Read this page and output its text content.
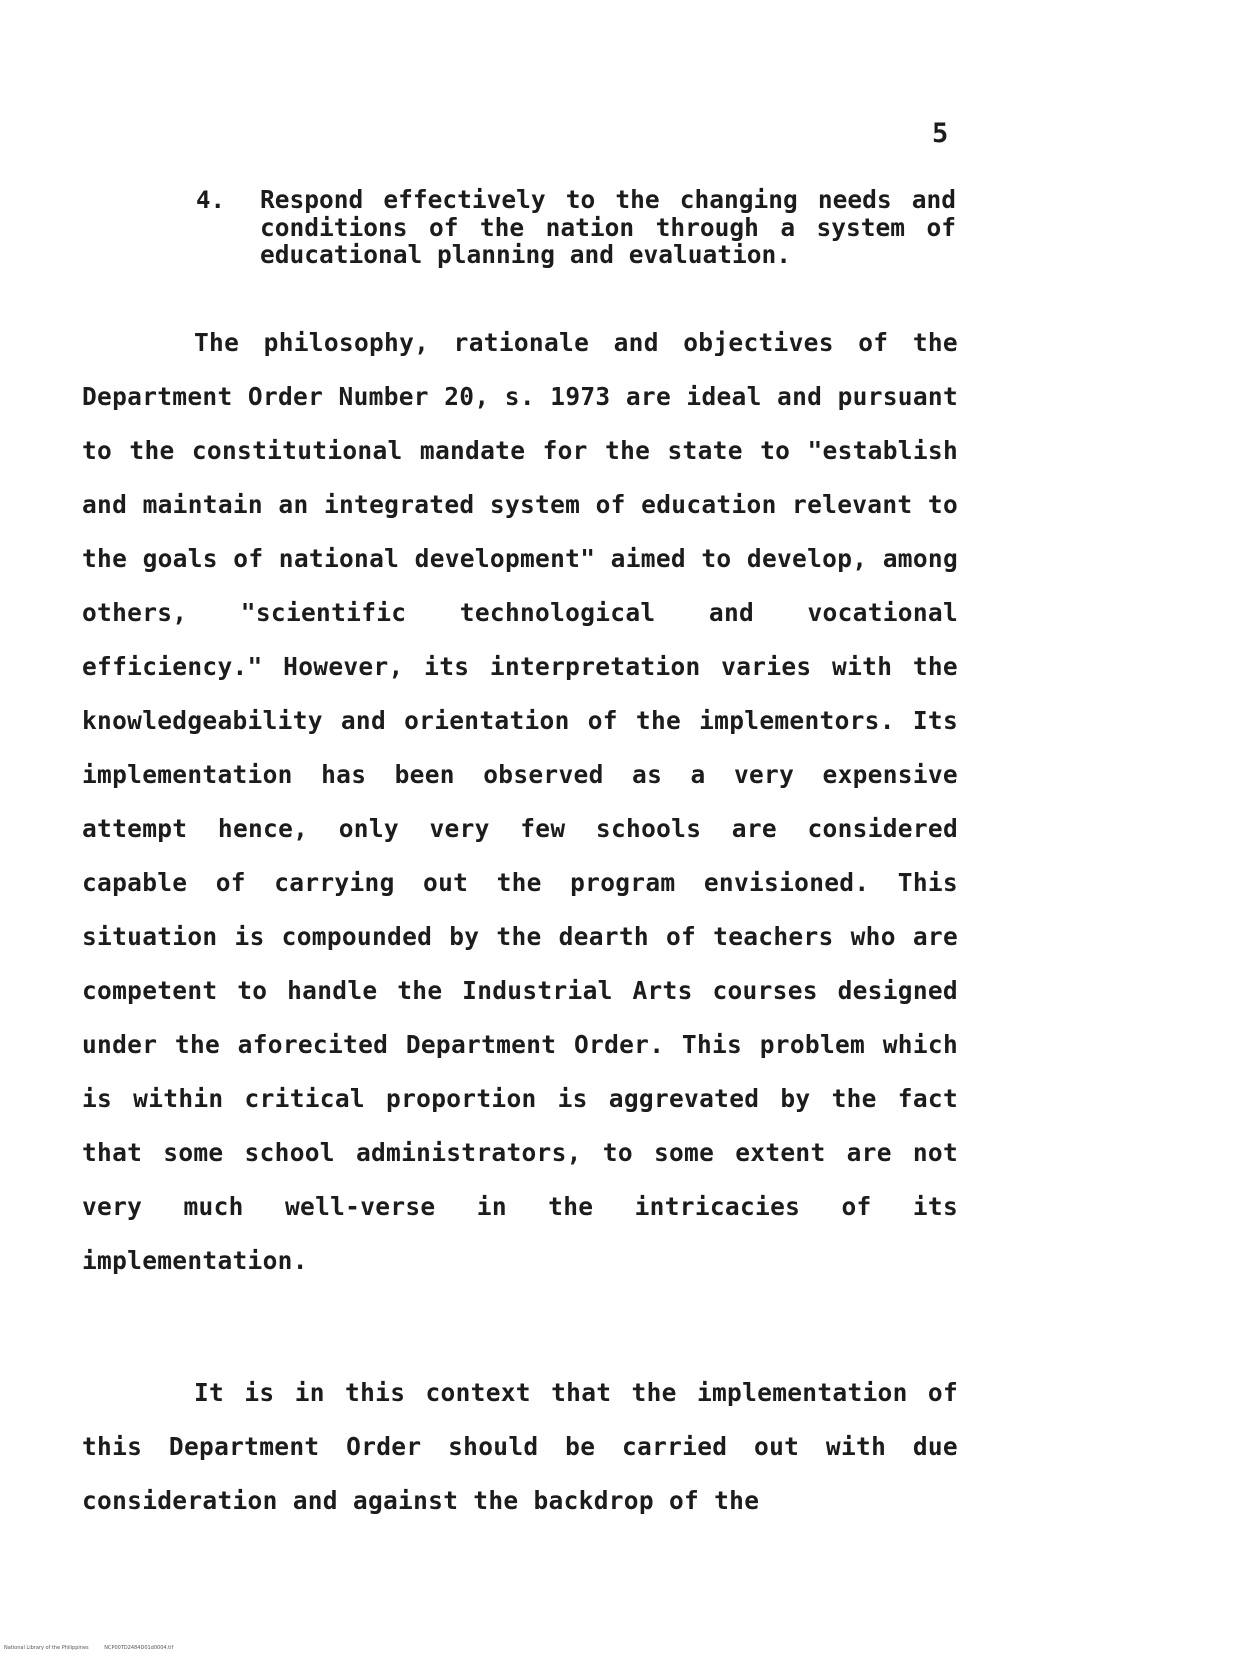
5
4. Respond effectively to the changing needs and conditions of the nation through a system of educational planning and evaluation.

The philosophy, rationale and objectives of the Department Order Number 20, s. 1973 are ideal and pursuant to the constitutional mandate for the state to "establish and maintain an integrated system of education relevant to the goals of national development" aimed to develop, among others, "scientific technological and vocational efficiency." However, its interpretation varies with the knowledgeability and orientation of the implementors. Its implementation has been observed as a very expensive attempt hence, only very few schools are considered capable of carrying out the program envisioned. This situation is compounded by the dearth of teachers who are competent to handle the Industrial Arts courses designed under the aforecited Department Order. This problem which is within critical proportion is aggrevated by the fact that some school administrators, to some extent are not very much well-verse in the intricacies of its implementation.

It is in this context that the implementation of this Department Order should be carried out with due consideration and against the backdrop of the

National Library of the Philippines	NCP00TD2484D01d0004.tif
